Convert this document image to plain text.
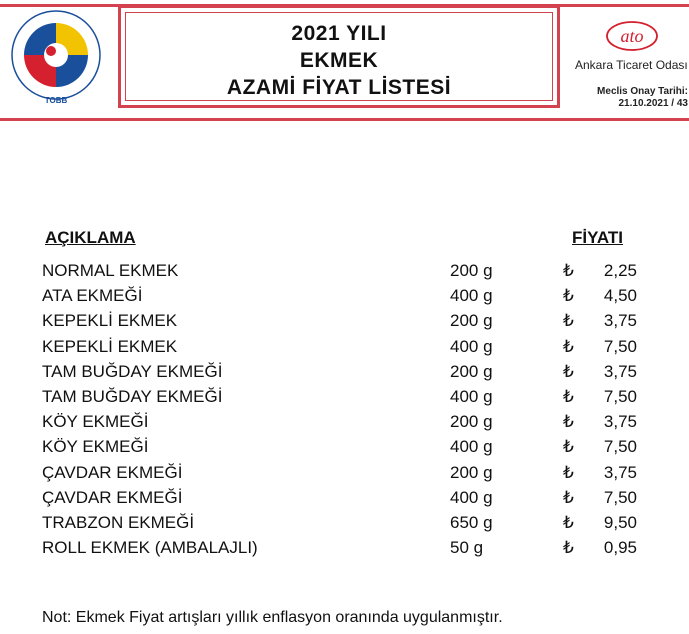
TOBB
2021 YILI
EKMEK
AZAMİ FİYAT LİSTESİ
ato
Ankara Ticaret Odası
Meclis Onay Tarihi:
21.10.2021 / 43
AÇIKLAMA	FİYATI
NORMAL EKMEK	200 g	₺ 2,25
ATA EKMEĞİ	400 g	₺ 4,50
KEPEKLİ EKMEK	200 g	₺ 3,75
KEPEKLİ EKMEK	400 g	₺ 7,50
TAM BUĞDAY EKMEĞİ	200 g	₺ 3,75
TAM BUĞDAY EKMEĞİ	400 g	₺ 7,50
KÖY EKMEĞİ	200 g	₺ 3,75
KÖY EKMEĞİ	400 g	₺ 7,50
ÇAVDAR EKMEĞİ	200 g	₺ 3,75
ÇAVDAR EKMEĞİ	400 g	₺ 7,50
TRABZON EKMEĞİ	650 g	₺ 9,50
ROLL EKMEK (AMBALAJLI)	50 g	₺ 0,95
Not: Ekmek Fiyat artışları yıllık enflasyon oranında uygulanmıştır.
